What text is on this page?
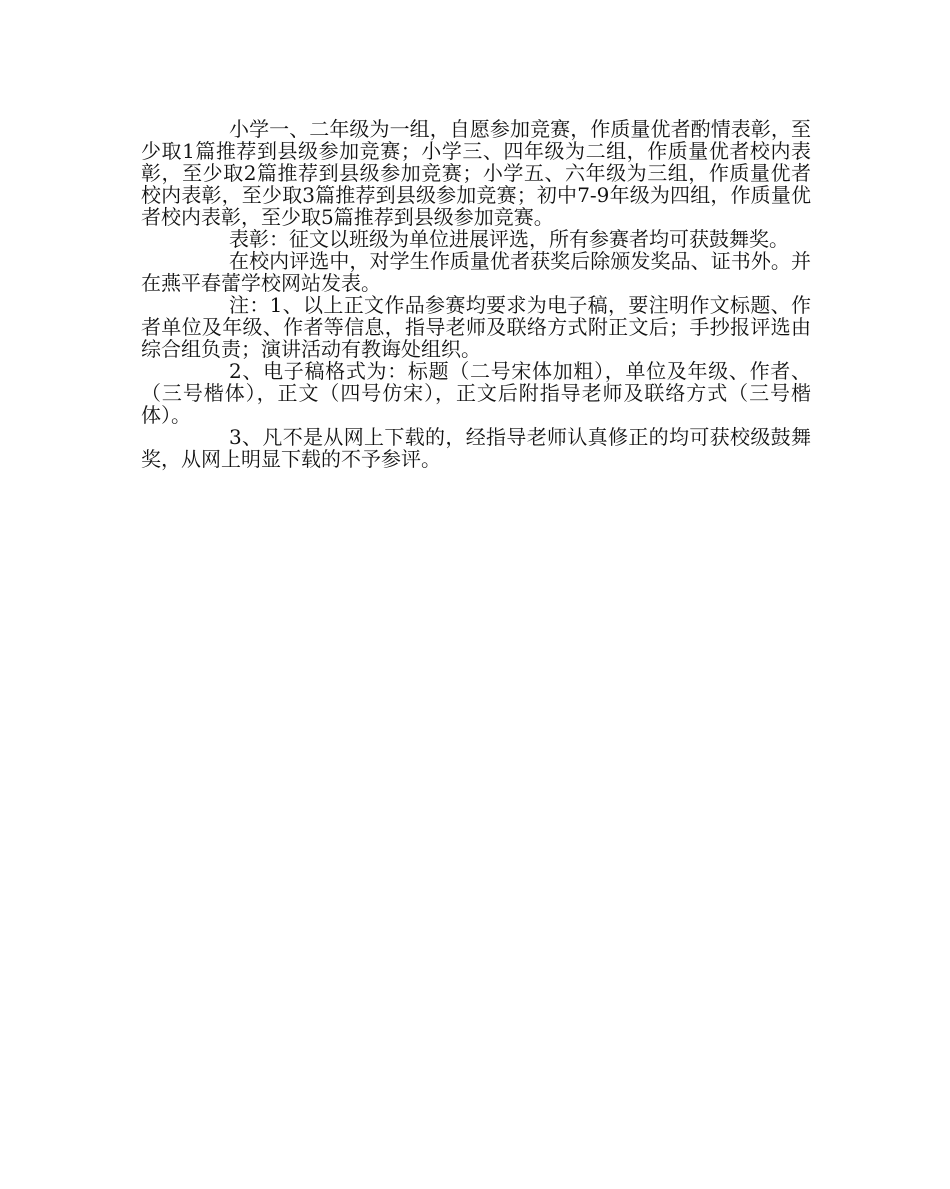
小学一、二年级为一组，自愿参加竞赛，作质量优者酌情表彰，至少取1篇推荐到县级参加竞赛；小学三、四年级为二组，作质量优者校内表彰，至少取2篇推荐到县级参加竞赛；小学五、六年级为三组，作质量优者校内表彰，至少取3篇推荐到县级参加竞赛；初中7-9年级为四组，作质量优者校内表彰，至少取5篇推荐到县级参加竞赛。

表彰：征文以班级为单位进展评选，所有参赛者均可获鼓舞奖。

在校内评选中，对学生作质量优者获奖后除颁发奖品、证书外。并在燕平春蕾学校网站发表。

注：1、以上正文作品参赛均要求为电子稿，要注明作文标题、作者单位及年级、作者等信息，指导老师及联络方式附正文后；手抄报评选由综合组负责；演讲活动有教诲处组织。

2、电子稿格式为：标题（二号宋体加粗），单位及年级、作者、（三号楷体），正文（四号仿宋），正文后附指导老师及联络方式（三号楷体）。

3、凡不是从网上下载的，经指导老师认真修正的均可获校级鼓舞奖，从网上明显下载的不予参评。
